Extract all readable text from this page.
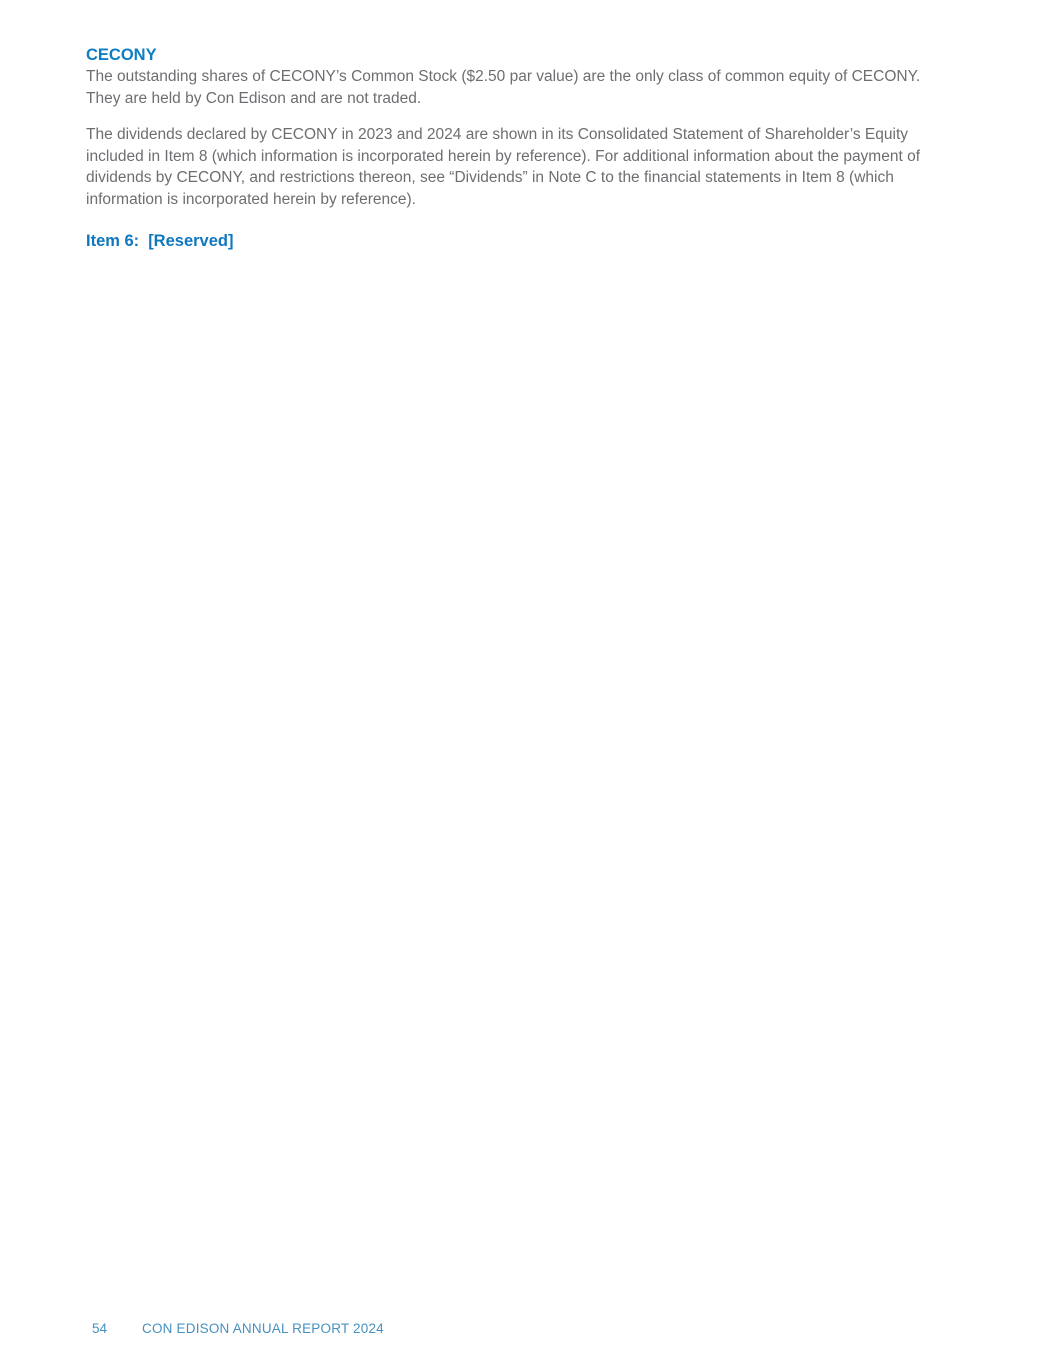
CECONY

The outstanding shares of CECONY’s Common Stock ($2.50 par value) are the only class of common equity of CECONY. They are held by Con Edison and are not traded.

The dividends declared by CECONY in 2023 and 2024 are shown in its Consolidated Statement of Shareholder’s Equity included in Item 8 (which information is incorporated herein by reference). For additional information about the payment of dividends by CECONY, and restrictions thereon, see “Dividends” in Note C to the financial statements in Item 8 (which information is incorporated herein by reference).

Item 6: [Reserved]
54	CON EDISON ANNUAL REPORT 2024
